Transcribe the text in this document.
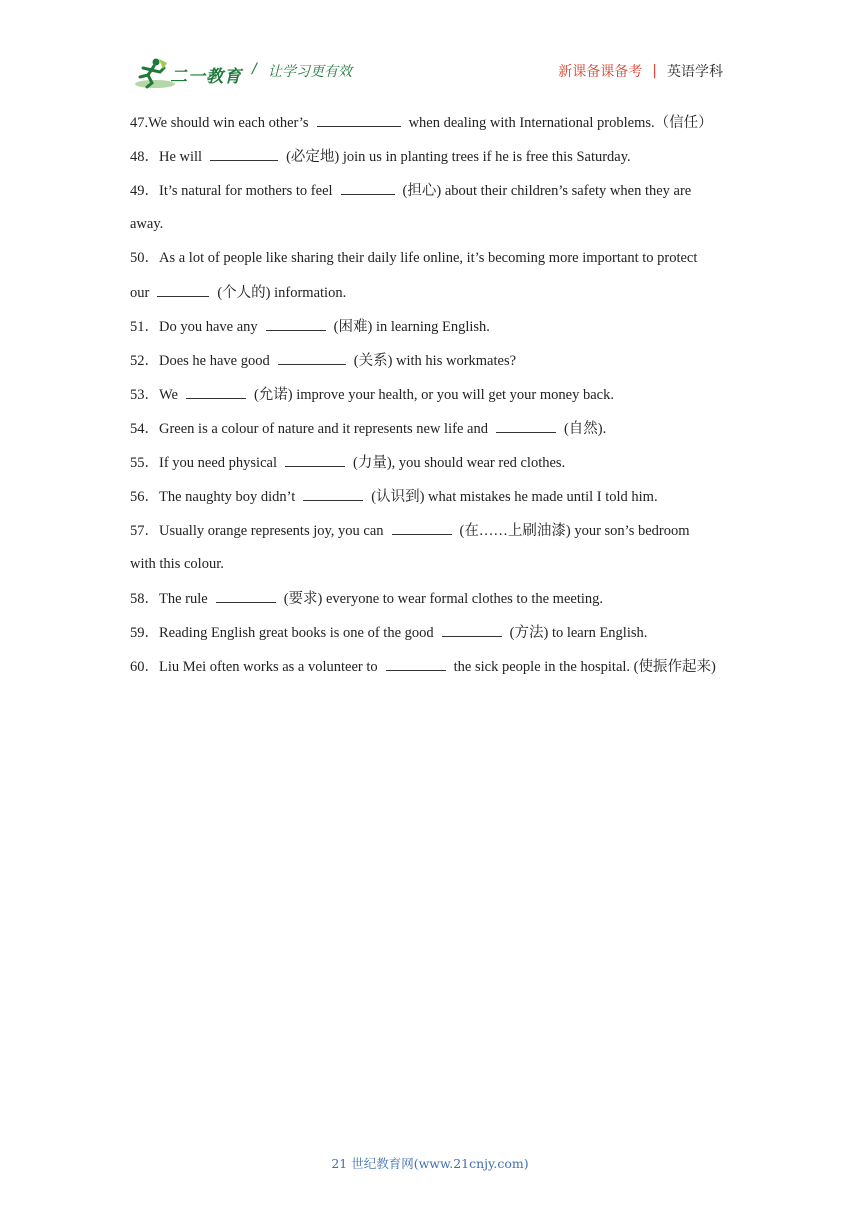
二一教育 / 让学习更有效	新课备课备考 | 英语学科
47.We should win each other’s	when dealing with International problems.（信任）
48．He will	(必定地) join us in planting trees if he is free this Saturday.
49．It’s natural for mothers to feel	(担心) about their children’s safety when they are
away.
50．As a lot of people like sharing their daily life online, it’s becoming more important to protect
our	(个人的) information.
51．Do you have any	(困难) in learning English.
52．Does he have good	(关系) with his workmates?
53．We	(允诺) improve your health, or you will get your money back.
54．Green is a colour of nature and it represents new life and	(自然).
55．If you need physical	(力量), you should wear red clothes.
56．The naughty boy didn’t	(认识到) what mistakes he made until I told him.
57．Usually orange represents joy, you can	(在……上刷油漆) your son’s bedroom
with this colour.
58．The rule	(要求) everyone to wear formal clothes to the meeting.
59．Reading English great books is one of the good	(方法) to learn English.
60．Liu Mei often works as a volunteer to	the sick people in the hospital. (使振作起来)
21 世纪教育网(www.21cnjy.com)
